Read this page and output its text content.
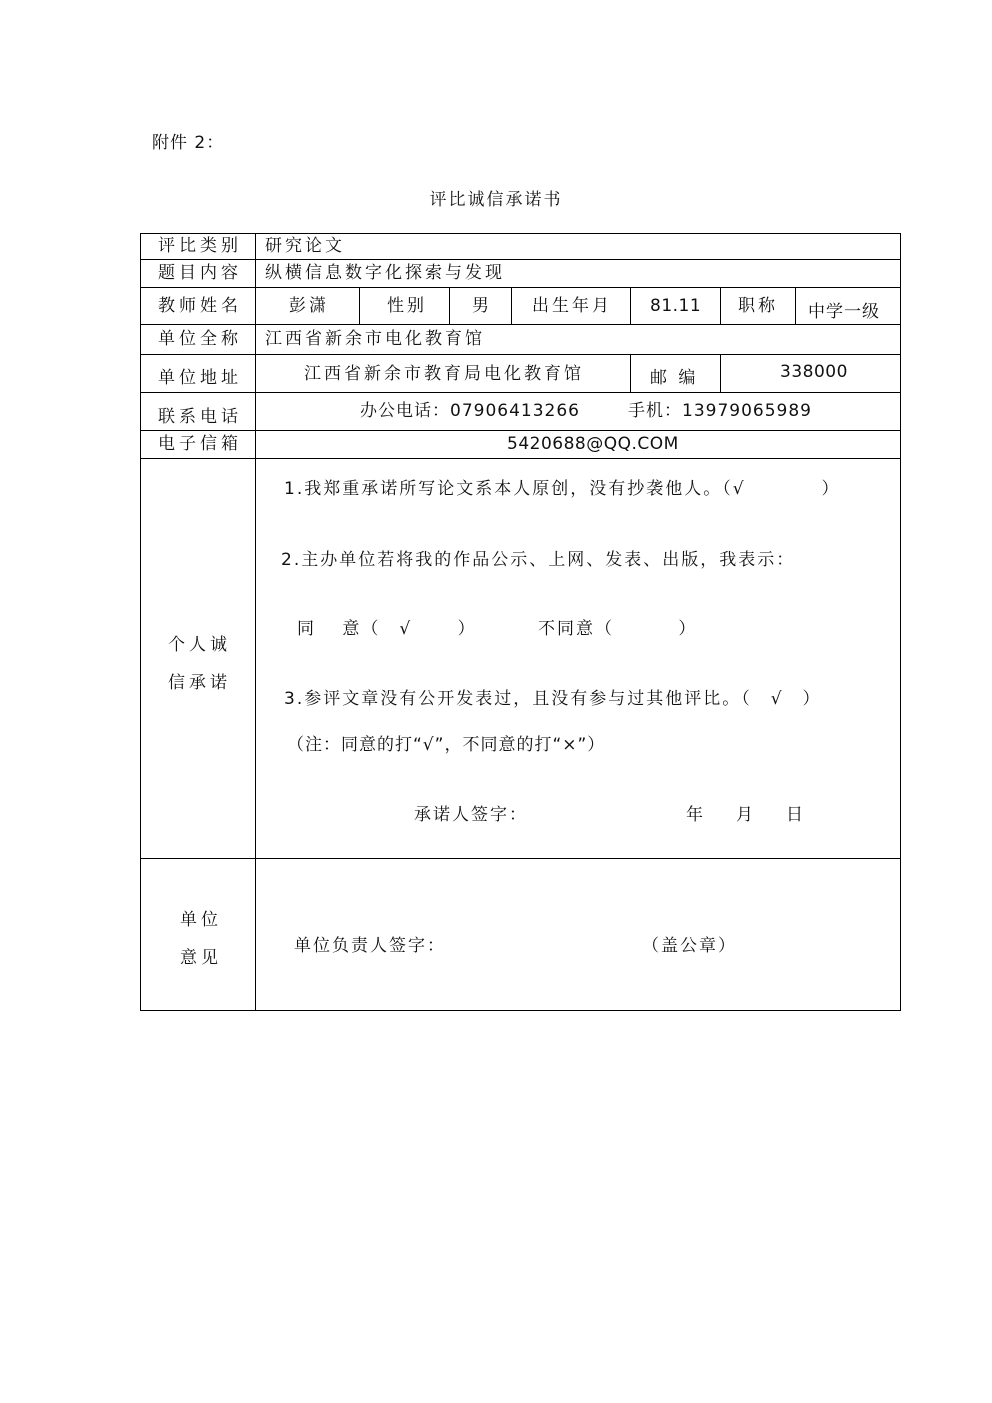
附件 2：
评比诚信承诺书
评比类别 研究论文
题目内容 纵横信息数字化探索与发现
教师姓名	彭潇	性别	男 出生年月 81.11 职称 中学一级
单位全称 江西省新余市电化教育馆
单位地址	江西省新余市教育局电化教育馆	邮 编	338000
联系电话	办公电话：07906413266	手机：13979065989
电子信箱	5420688@QQ.COM
个人诚
信承诺
1.我郑重承诺所写论文系本人原创，没有抄袭他人。（√　　　　）
2.主办单位若将我的作品公示、上网、发表、出版，我表示：
同　 意（　√　　 ）	不同意（　　　 ）
3.参评文章没有公开发表过，且没有参与过其他评比。（　√　）
（注：同意的打“√”，不同意的打“×”）
承诺人签字：	年 月 日
单位
意见
单位负责人签字：	（盖公章）
